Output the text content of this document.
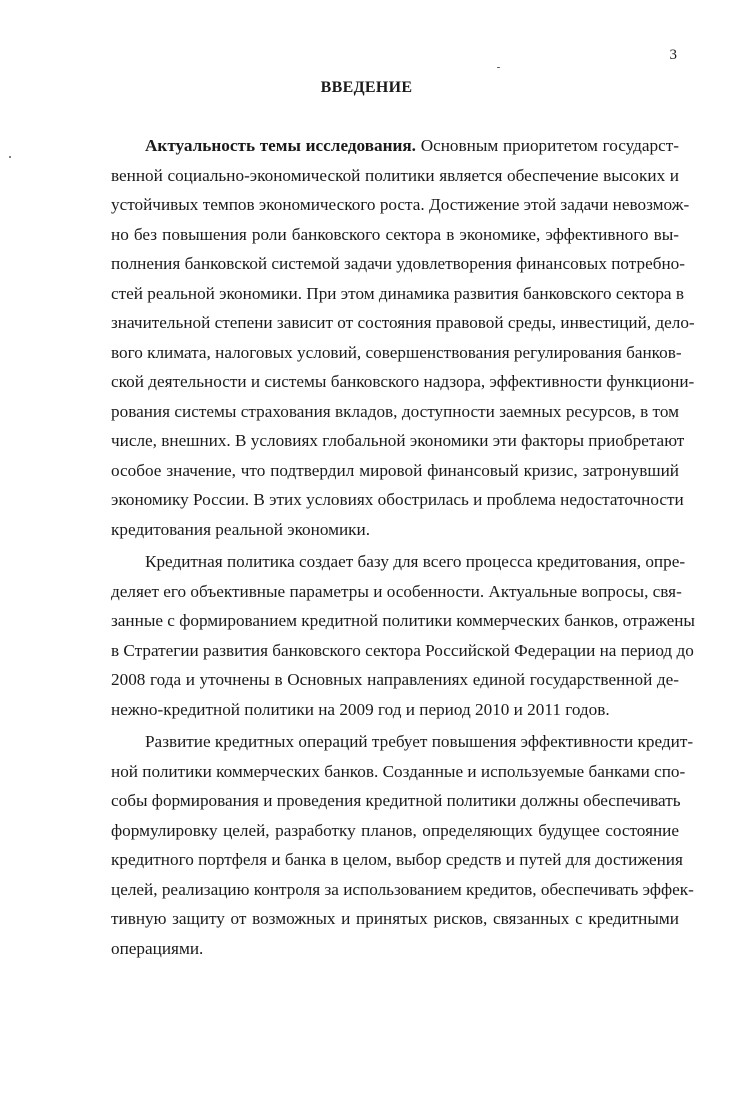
3
ВВЕДЕНИЕ
Актуальность темы исследования. Основным приоритетом государст-
венной социально-экономической политики является обеспечение высоких и
устойчивых темпов экономического роста. Достижение этой задачи невозмож-
но без повышения роли банковского сектора в экономике, эффективного вы-
полнения банковской системой задачи удовлетворения финансовых потребно-
стей реальной экономики. При этом динамика развития банковского сектора в
значительной степени зависит от состояния правовой среды, инвестиций, дело-
вого климата, налоговых условий, совершенствования регулирования банков-
ской деятельности и системы банковского надзора, эффективности функциони-
рования системы страхования вкладов, доступности заемных ресурсов, в том
числе, внешних. В условиях глобальной экономики эти факторы приобретают
особое значение, что подтвердил мировой финансовый кризис, затронувший
экономику России. В этих условиях обострилась и проблема недостаточности
кредитования реальной экономики.
Кредитная политика создает базу для всего процесса кредитования, опре-
деляет его объективные параметры и особенности. Актуальные вопросы, свя-
занные с формированием кредитной политики коммерческих банков, отражены
в Стратегии развития банковского сектора Российской Федерации на период до
2008 года и уточнены в Основных направлениях единой государственной де-
нежно-кредитной политики на 2009 год и период 2010 и 2011 годов.
Развитие кредитных операций требует повышения эффективности кредит-
ной политики коммерческих банков. Созданные и используемые банками спо-
собы формирования и проведения кредитной политики должны обеспечивать
формулировку целей, разработку планов, определяющих будущее состояние
кредитного портфеля и банка в целом, выбор средств и путей для достижения
целей, реализацию контроля за использованием кредитов, обеспечивать эффек-
тивную защиту от возможных и принятых рисков, связанных с кредитными
операциями.
